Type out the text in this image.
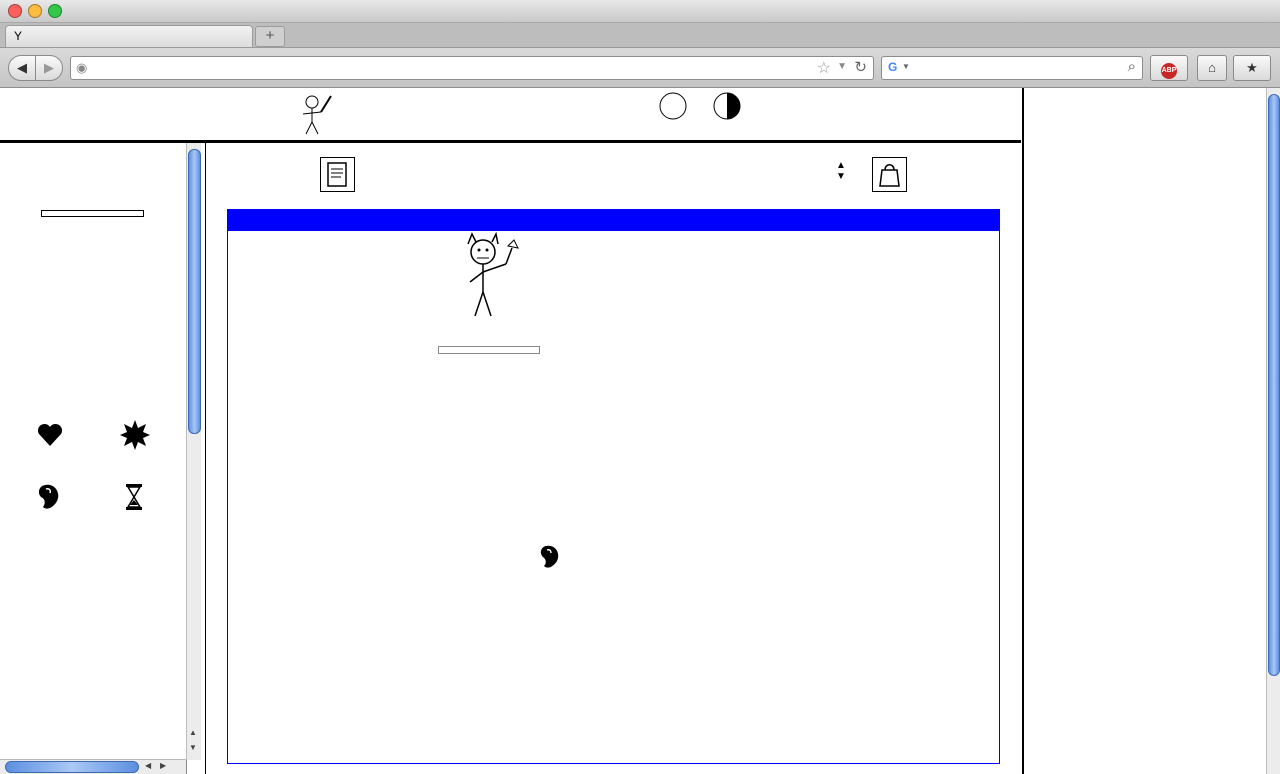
Y	+
◀	▶	ABP	⌂	★
◉	☆ ▼ ↻ G ▼	⌕
▲
▼
◀ ▶
▲
▼
